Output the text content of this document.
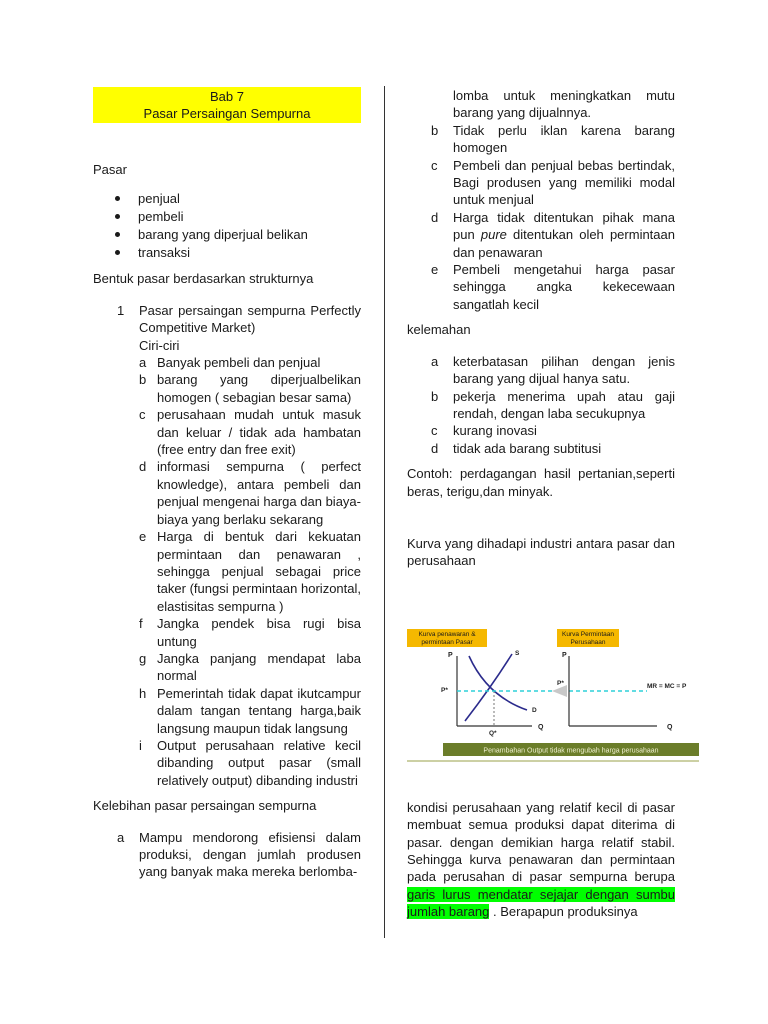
Bab 7
Pasar Persaingan Sempurna

Pasar

penjual
pembeli
barang yang diperjual belikan
transaksi

Bentuk pasar berdasarkan strukturnya

1	Pasar persaingan sempurna Perfectly Competitive Market)

Ciri-ciri

a Banyak pembeli dan penjual

b barang yang diperjualbelikan homogen ( sebagian besar sama)

c perusahaan mudah untuk masuk dan keluar / tidak ada hambatan (free entry dan free exit)

d informasi sempurna ( perfect knowledge), antara pembeli dan penjual mengenai harga dan biaya-biaya yang berlaku sekarang

e Harga di bentuk dari kekuatan permintaan dan penawaran , sehingga penjual sebagai price taker (fungsi permintaan horizontal, elastisitas sempurna )

f	Jangka pendek bisa rugi bisa untung

g Jangka panjang mendapat laba normal

h Pemerintah tidak dapat ikutcampur dalam tangan tentang harga,baik langsung maupun tidak langsung

i	Output perusahaan relative kecil dibanding output pasar (small relatively output) dibanding industri

Kelebihan pasar persaingan sempurna

a	Mampu mendorong efisiensi dalam produksi, dengan jumlah produsen yang banyak maka mereka berlomba-

lomba untuk meningkatkan mutu barang yang dijualnnya.

b	Tidak perlu iklan karena barang homogen

c	Pembeli dan penjual bebas bertindak, Bagi produsen yang memiliki modal untuk menjual

d	Harga tidak ditentukan pihak mana pun pure ditentukan oleh permintaan dan penawaran

e	Pembeli mengetahui harga pasar sehingga angka kekecewaan sangatlah kecil

kelemahan

a	keterbatasan pilihan dengan jenis barang yang dijual hanya satu.

b	pekerja menerima upah atau gaji rendah, dengan laba secukupnya

c	kurang inovasi

d	tidak ada barang subtitusi

Contoh: perdagangan hasil pertanian,seperti beras, terigu,dan minyak.

Kurva yang dihadapi industri antara pasar dan perusahaan

kondisi perusahaan yang relatif kecil di pasar membuat semua produksi dapat diterima di pasar. dengan demikian harga relatif stabil. Sehingga kurva penawaran dan permintaan pada perusahan di pasar sempurna berupa garis lurus mendatar sejajar dengan sumbu jumlah barang . Berapapun produksinya

Kurva penawaran &
permintaan Pasar
Kurva Permintaan
Perusahaan
P
Q
P*
Q*
S
D
P
Q
P*	MR = MC = P
Penambahan Output tidak mengubah harga perusahaan
